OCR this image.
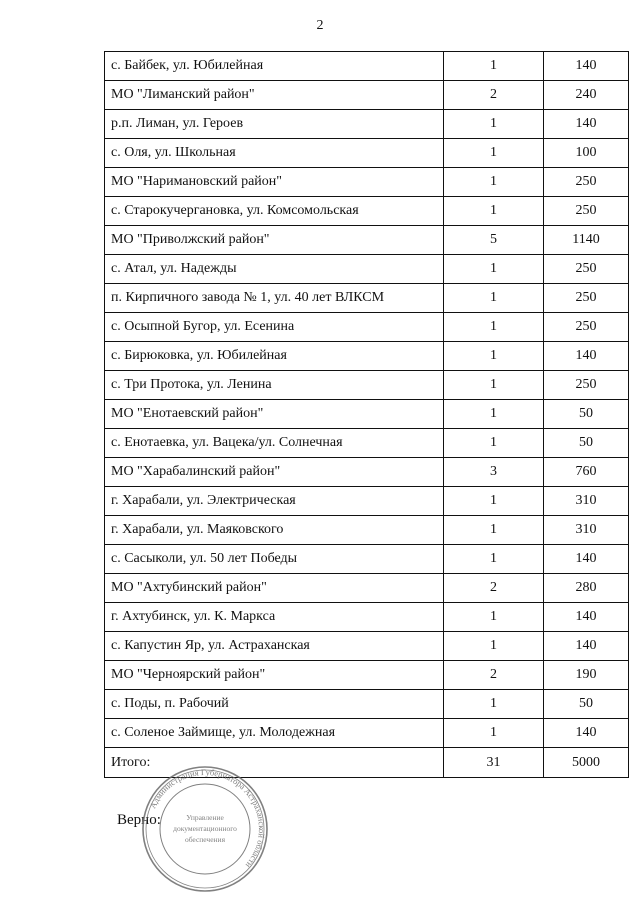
2
с. Байбек, ул. Юбилейная	1	140
МО "Лиманский район"	2	240
р.п. Лиман, ул. Героев	1	140
с. Оля, ул. Школьная	1	100
МО "Наримановский район"	1	250
с. Старокучергановка, ул. Комсомольская	1	250
МО "Приволжский район"	5	1140
с. Атал, ул. Надежды	1	250
п. Кирпичного завода № 1, ул. 40 лет ВЛКСМ	1	250
с. Осыпной Бугор, ул. Есенина	1	250
с. Бирюковка, ул. Юбилейная	1	140
с. Три Протока, ул. Ленина	1	250
МО "Енотаевский район"	1	50
с. Енотаевка, ул. Вацека/ул. Солнечная	1	50
МО "Харабалинский район"	3	760
г. Харабали, ул. Электрическая	1	310
г. Харабали, ул. Маяковского	1	310
с. Сасыколи, ул. 50 лет Победы	1	140
МО "Ахтубинский район"	2	280
г. Ахтубинск, ул. К. Маркса	1	140
с. Капустин Яр, ул. Астраханская	1	140
МО "Черноярский район"	2	190
с. Поды, п. Рабочий	1	50
с. Соленое Займище, ул. Молодежная	1	140
Итого:	31	5000
Верно:
Администрация Губернатора Астраханской области
Управление
документационного
обеспечения
